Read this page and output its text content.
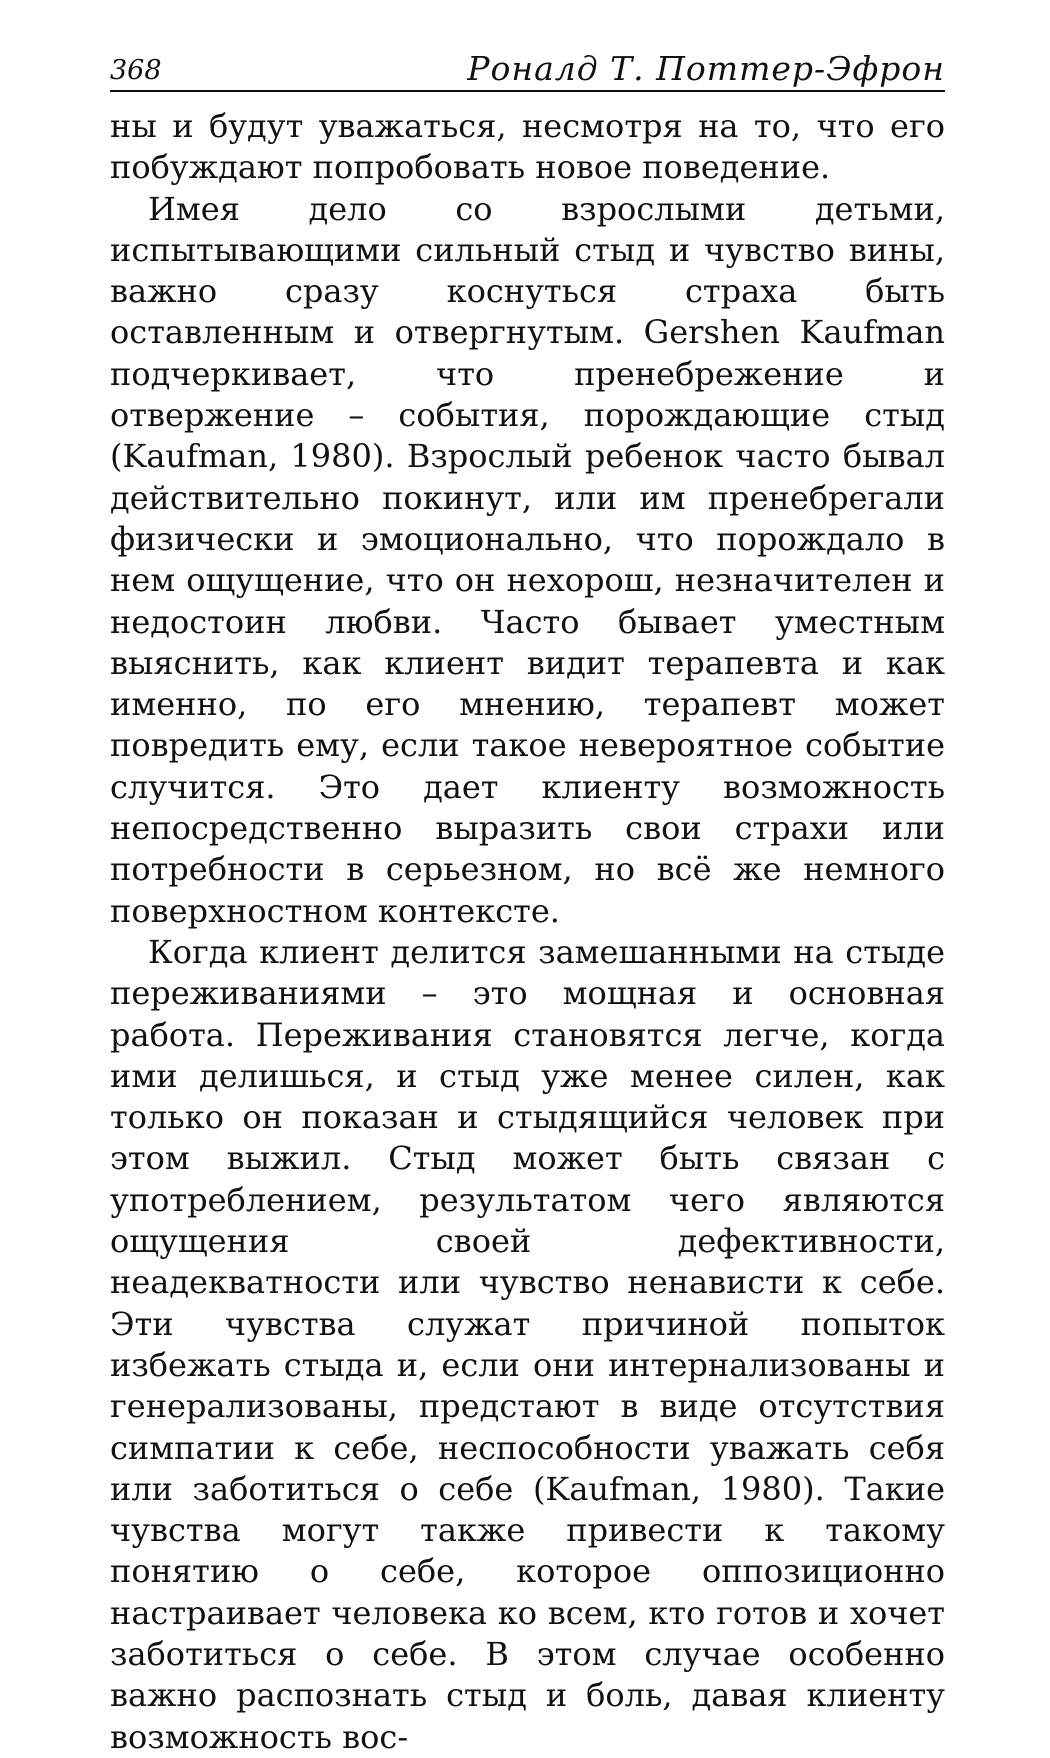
368	Роналд Т. Поттер-Эфрон

ны и будут уважаться, несмотря на то, что его побуждают попробовать новое поведение.

Имея дело со взрослыми детьми, испытывающими сильный стыд и чувство вины, важно сразу коснуться страха быть оставленным и отвергнутым. Gershen Kaufman подчеркивает, что пренебрежение и отвержение – события, порождающие стыд (Kaufman, 1980). Взрослый ребенок часто бывал действительно покинут, или им пренебрегали физически и эмоционально, что порождало в нем ощущение, что он нехорош, незначителен и недостоин любви. Часто бывает уместным выяснить, как клиент видит терапевта и как именно, по его мнению, терапевт может повредить ему, если такое невероятное событие случится. Это дает клиенту возможность непосредственно выразить свои страхи или потребности в серьезном, но всё же немного поверхностном контексте.

Когда клиент делится замешанными на стыде переживаниями – это мощная и основная работа. Переживания становятся легче, когда ими делишься, и стыд уже менее силен, как только он показан и стыдящийся человек при этом выжил. Стыд может быть связан с употреблением, результатом чего являются ощущения своей дефективности, неадекватности или чувство ненависти к себе. Эти чувства служат причиной попыток избежать стыда и, если они интернализованы и генерализованы, предстают в виде отсутствия симпатии к себе, неспособности уважать себя или заботиться о себе (Kaufman, 1980). Такие чувства могут также привести к такому понятию о себе, которое оппозиционно настраивает человека ко всем, кто готов и хочет заботиться о себе. В этом случае особенно важно распознать стыд и боль, давая клиенту возможность вос-
